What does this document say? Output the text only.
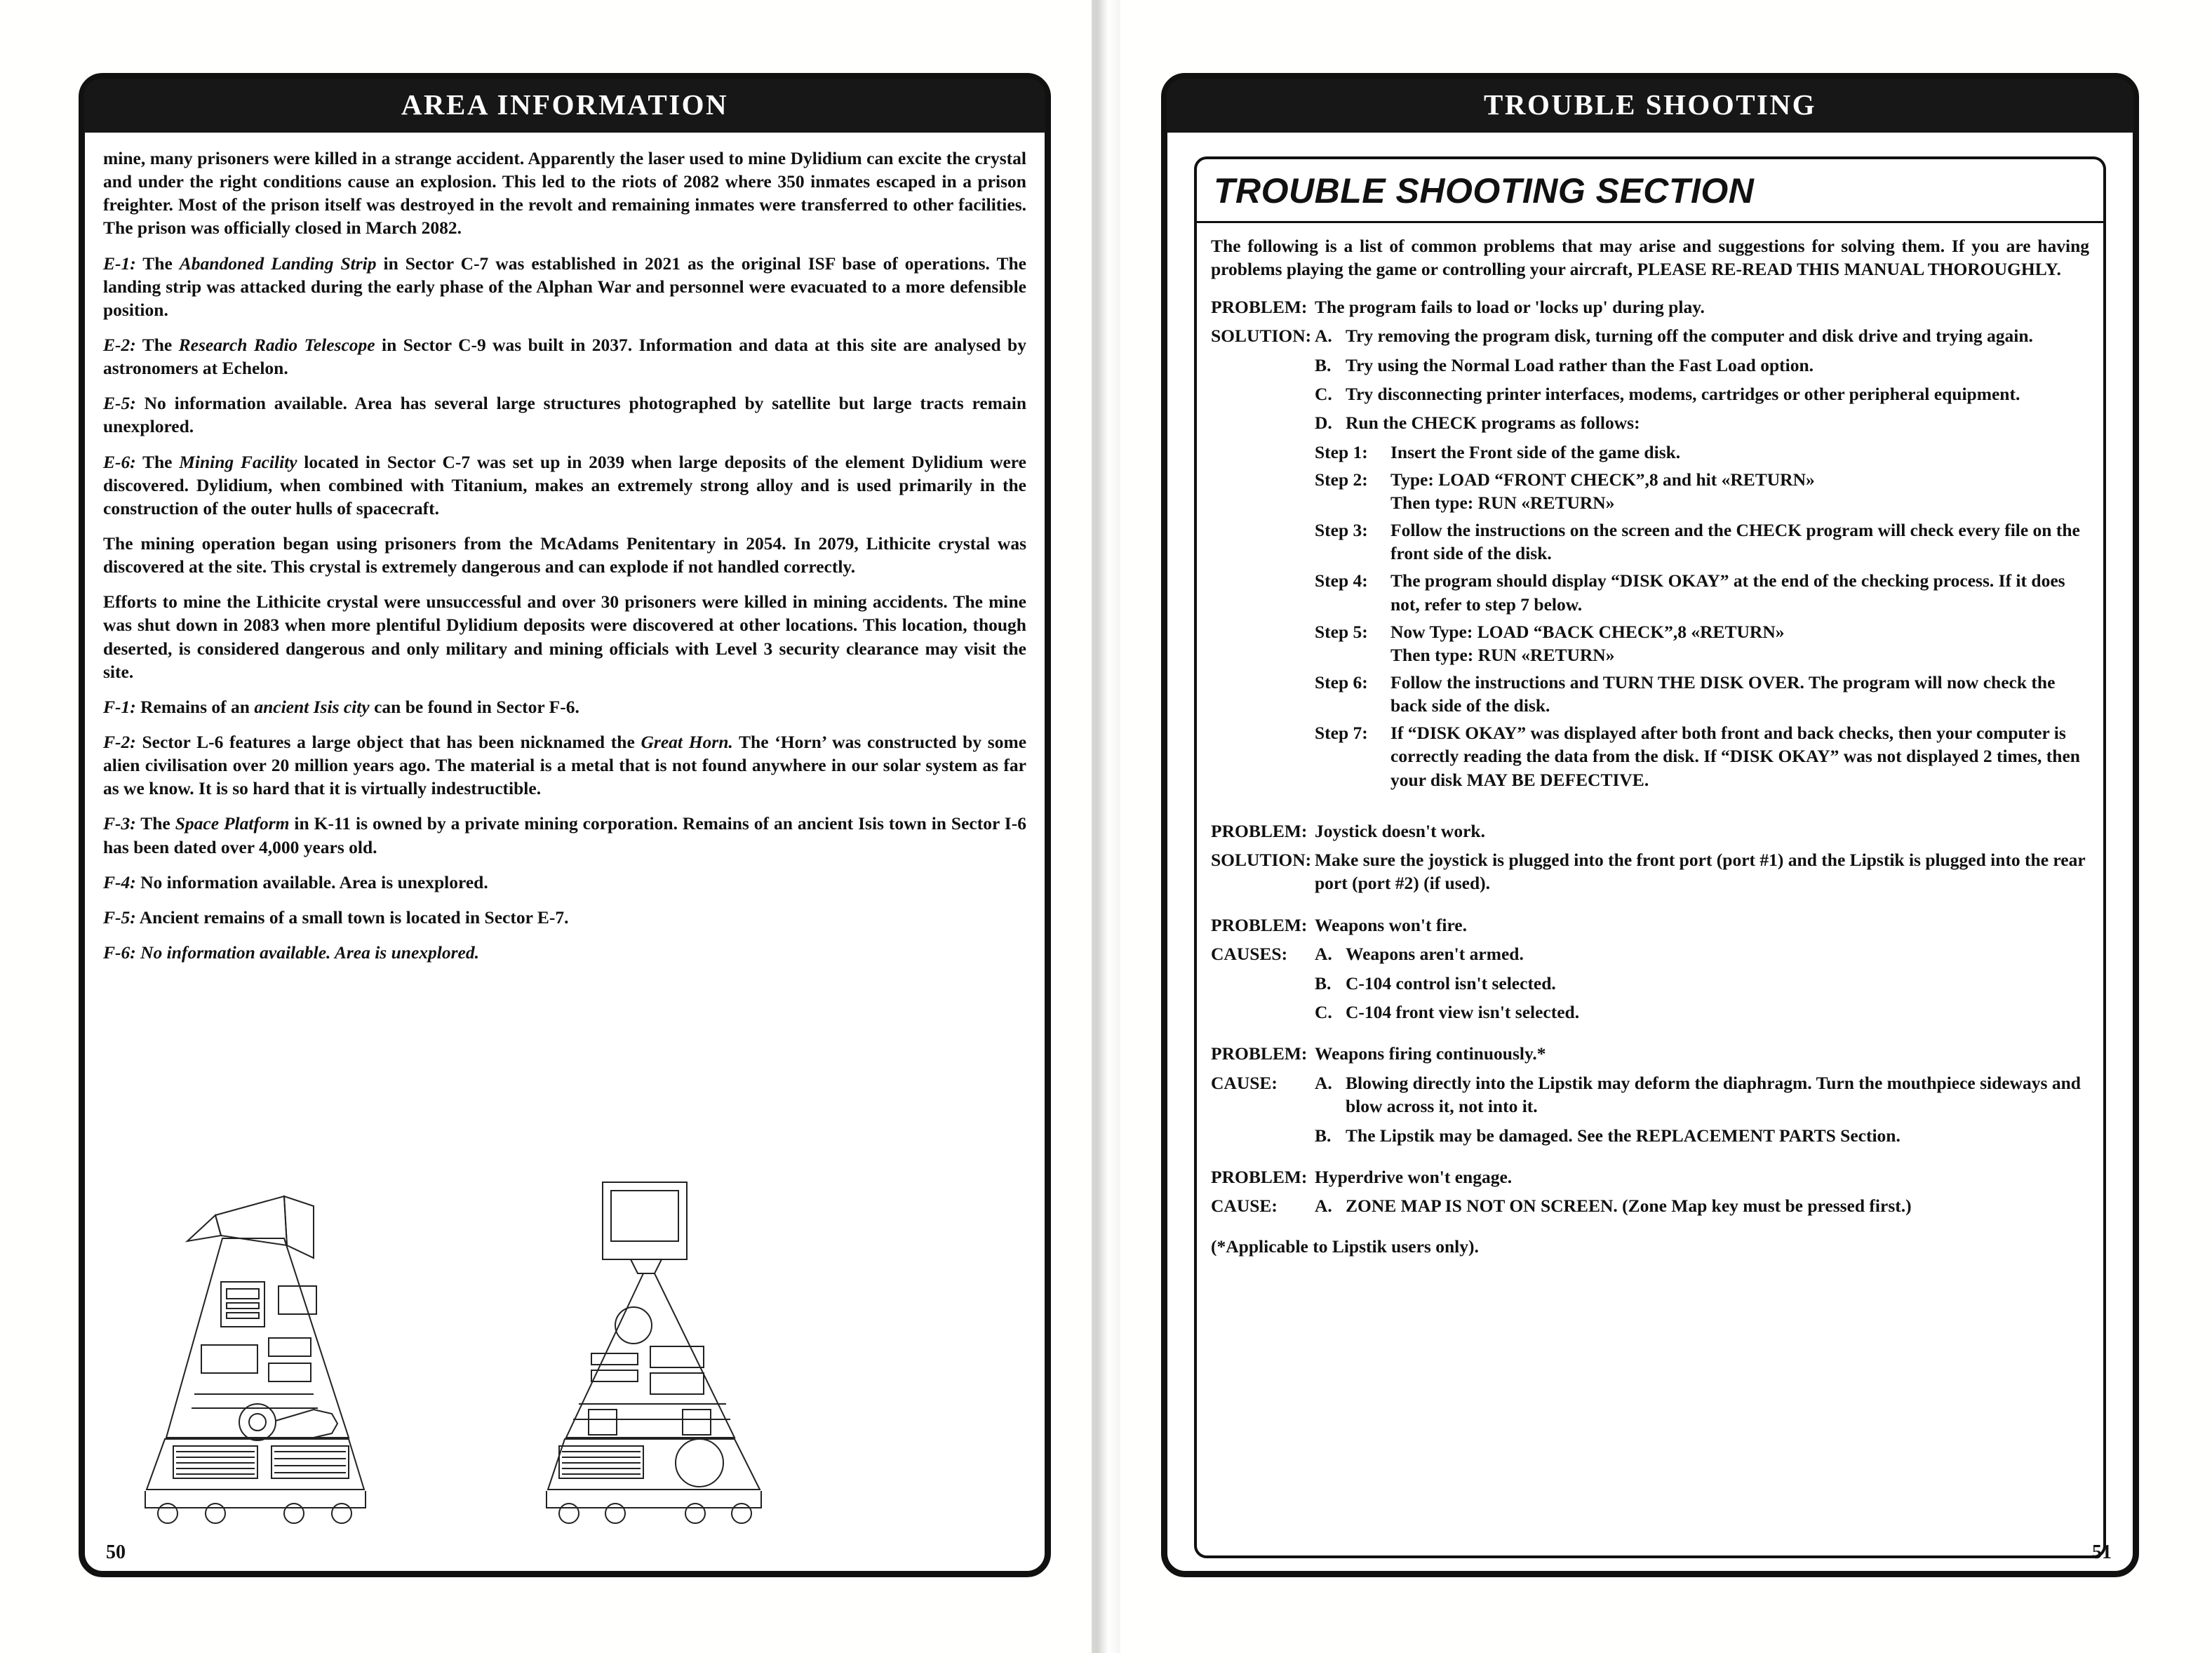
AREA INFORMATION

mine, many prisoners were killed in a strange accident. Apparently the laser used to mine Dylidium can excite the crystal and under the right conditions cause an explosion. This led to the riots of 2082 where 350 inmates escaped in a prison freighter. Most of the prison itself was destroyed in the revolt and remaining inmates were transferred to other facilities. The prison was officially closed in March 2082.

E-1: The Abandoned Landing Strip in Sector C-7 was established in 2021 as the original ISF base of operations. The landing strip was attacked during the early phase of the Alphan War and personnel were evacuated to a more defensible position.

E-2: The Research Radio Telescope in Sector C-9 was built in 2037. Information and data at this site are analysed by astronomers at Echelon.

E-5: No information available. Area has several large structures photographed by satellite but large tracts remain unexplored.

E-6: The Mining Facility located in Sector C-7 was set up in 2039 when large deposits of the element Dylidium were discovered. Dylidium, when combined with Titanium, makes an extremely strong alloy and is used primarily in the construction of the outer hulls of spacecraft.

The mining operation began using prisoners from the McAdams Penitentary in 2054. In 2079, Lithicite crystal was discovered at the site. This crystal is extremely dangerous and can explode if not handled correctly.

Efforts to mine the Lithicite crystal were unsuccessful and over 30 prisoners were killed in mining accidents. The mine was shut down in 2083 when more plentiful Dylidium deposits were discovered at other locations. This location, though deserted, is considered dangerous and only military and mining officials with Level 3 security clearance may visit the site.

F-1: Remains of an ancient Isis city can be found in Sector F-6.

F-2: Sector L-6 features a large object that has been nicknamed the Great Horn. The ‘Horn’ was constructed by some alien civilisation over 20 million years ago. The material is a metal that is not found anywhere in our solar system as far as we know. It is so hard that it is virtually indestructible.

F-3: The Space Platform in K-11 is owned by a private mining corporation. Remains of an ancient Isis town in Sector I-6 has been dated over 4,000 years old.

F-4: No information available. Area is unexplored.

F-5: Ancient remains of a small town is located in Sector E-7.

F-6: No information available. Area is unexplored.

50
TROUBLE SHOOTING
TROUBLE SHOOTING SECTION
The following is a list of common problems that may arise and suggestions for solving them. If you are having problems playing the game or controlling your aircraft, PLEASE RE-READ THIS MANUAL THOROUGHLY.
PROBLEM: The program fails to load or 'locks up' during play.
SOLUTION: A. Try removing the program disk, turning off the computer and disk drive and trying again.
B. Try using the Normal Load rather than the Fast Load option.
C. Try disconnecting printer interfaces, modems, cartridges or other peripheral equipment.
D. Run the CHECK programs as follows:
Step 1:	Insert the Front side of the game disk.
Step 2:	Type: LOAD “FRONT CHECK”,8 and hit «RETURN»
Then type: RUN «RETURN»
Step 3:	Follow the instructions on the screen and the CHECK program will check every file on the front side of the disk.
Step 4:	The program should display “DISK OKAY” at the end of the checking process. If it does not, refer to step 7 below.
Step 5:	Now Type: LOAD “BACK CHECK”,8 «RETURN»
Then type: RUN «RETURN»
Step 6:	Follow the instructions and TURN THE DISK OVER. The program will now check the back side of the disk.
Step 7:	If “DISK OKAY” was displayed after both front and back checks, then your computer is correctly reading the data from the disk. If “DISK OKAY” was not displayed 2 times, then your disk MAY BE DEFECTIVE.
PROBLEM: Joystick doesn't work.
SOLUTION: Make sure the joystick is plugged into the front port (port #1) and the Lipstik is plugged into the rear port (port #2) (if used).
PROBLEM: Weapons won't fire.
CAUSES:	A. Weapons aren't armed.
B. C-104 control isn't selected.
C. C-104 front view isn't selected.
PROBLEM: Weapons firing continuously.*
CAUSE:	A. Blowing directly into the Lipstik may deform the diaphragm. Turn the mouthpiece sideways and blow across it, not into it.
B. The Lipstik may be damaged. See the REPLACEMENT PARTS Section.
PROBLEM: Hyperdrive won't engage.
CAUSE:	A. ZONE MAP IS NOT ON SCREEN. (Zone Map key must be pressed first.)
(*Applicable to Lipstik users only).
51
